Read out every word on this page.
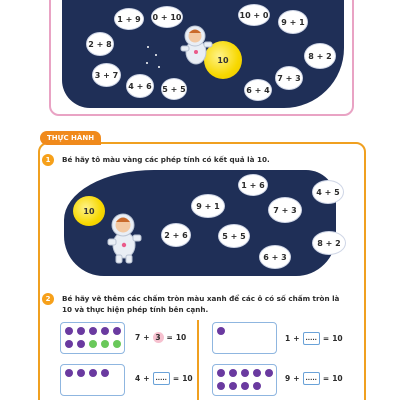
1 + 9	0 + 10	10 + 0
9 + 1
2 + 8
8 + 2
3 + 7
4 + 6 5 + 5	6 + 4
7 + 3
10
THỰC HÀNH
1	Bé hãy tô màu vàng các phép tính có kết quả là 10.
10
1 + 6
4 + 5
9 + 1	7 + 3
2 + 6	5 + 5
8 + 2
6 + 3
2	Bé hãy vẽ thêm các chấm tròn màu xanh để các ô có số chấm tròn là
10 và thực hiện phép tính bên cạnh.
7 + 3 = 10	1 +	..... = 10
4 +	..... = 10	9 +	..... = 10
